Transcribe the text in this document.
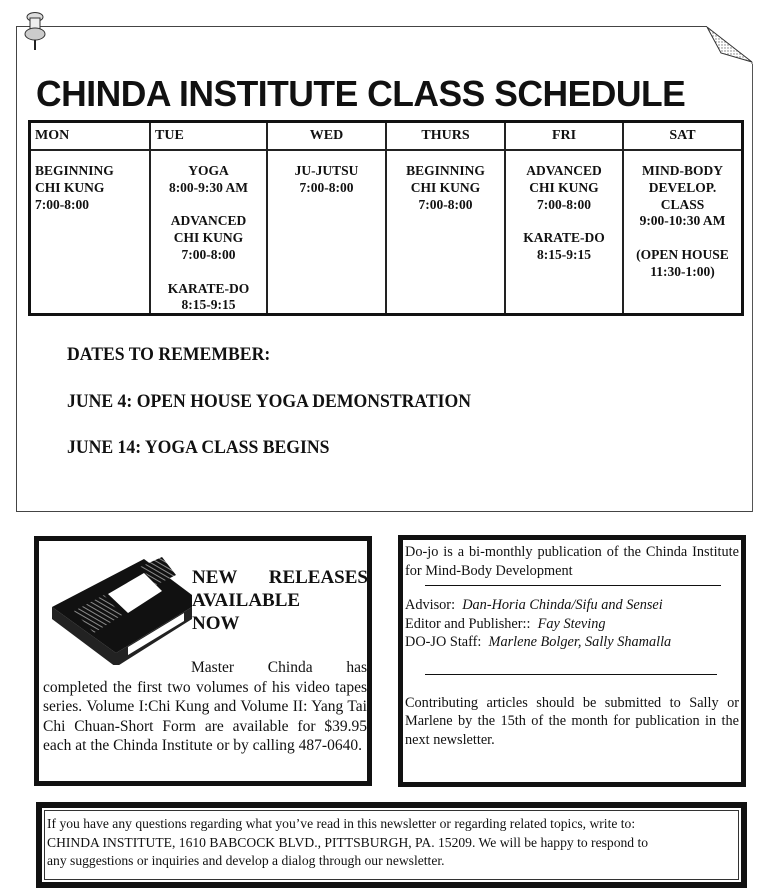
CHINDA INSTITUTE CLASS SCHEDULE
MON
BEGINNING
CHI KUNG
7:00-8:00
TUE
YOGA
8:00-9:30 AM
ADVANCED
CHI KUNG
7:00-8:00
KARATE-DO
8:15-9:15
WED
JU-JUTSU
7:00-8:00
THURS
BEGINNING
CHI KUNG
7:00-8:00
FRI
ADVANCED
CHI KUNG
7:00-8:00
KARATE-DO
8:15-9:15
SAT
MIND-BODY
DEVELOP.
CLASS
9:00-10:30 AM
(OPEN HOUSE
11:30-1:00)
DATES TO REMEMBER:
JUNE 4: OPEN HOUSE YOGA DEMONSTRATION
JUNE 14: YOGA CLASS BEGINS
NEW RELEASES
AVAILABLE
NOW
Master Chinda has
completed the first two volumes of his video tapes series. Volume I:Chi Kung and Volume II: Yang Tai Chi Chuan-Short Form are available for $39.95 each at the Chinda Institute or by calling 487-0640.

Do-jo is a bi-monthly publication of the Chinda Institute for Mind-Body Development

Advisor: Dan-Horia Chinda/Sifu and Sensei

Editor and Publisher:: Fay Steving

DO-JO Staff: Marlene Bolger, Sally Shamalla

Contributing articles should be submitted to Sally or Marlene by the 15th of the month for publication in the next newsletter.

If you have any questions regarding what you’ve read in this newsletter or regarding related topics, write to:
CHINDA INSTITUTE, 1610 BABCOCK BLVD., PITTSBURGH, PA. 15209. We will be happy to respond to
any suggestions or inquiries and develop a dialog through our newsletter.
